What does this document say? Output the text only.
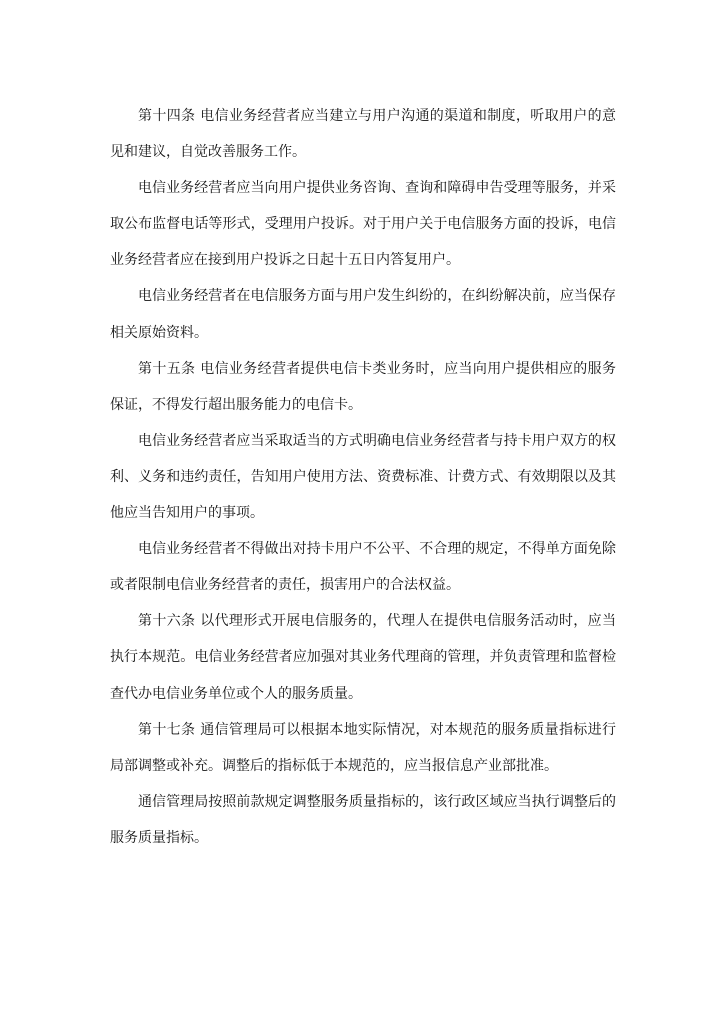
第十四条 电信业务经营者应当建立与用户沟通的渠道和制度，听取用户的意见和建议，自觉改善服务工作。

电信业务经营者应当向用户提供业务咨询、查询和障碍申告受理等服务，并采取公布监督电话等形式，受理用户投诉。对于用户关于电信服务方面的投诉，电信业务经营者应在接到用户投诉之日起十五日内答复用户。

电信业务经营者在电信服务方面与用户发生纠纷的，在纠纷解决前，应当保存相关原始资料。

第十五条 电信业务经营者提供电信卡类业务时，应当向用户提供相应的服务保证，不得发行超出服务能力的电信卡。

电信业务经营者应当采取适当的方式明确电信业务经营者与持卡用户双方的权利、义务和违约责任，告知用户使用方法、资费标准、计费方式、有效期限以及其他应当告知用户的事项。

电信业务经营者不得做出对持卡用户不公平、不合理的规定，不得单方面免除或者限制电信业务经营者的责任，损害用户的合法权益。

第十六条 以代理形式开展电信服务的，代理人在提供电信服务活动时，应当执行本规范。电信业务经营者应加强对其业务代理商的管理，并负责管理和监督检查代办电信业务单位或个人的服务质量。

第十七条 通信管理局可以根据本地实际情况，对本规范的服务质量指标进行局部调整或补充。调整后的指标低于本规范的，应当报信息产业部批准。

通信管理局按照前款规定调整服务质量指标的，该行政区域应当执行调整后的服务质量指标。
